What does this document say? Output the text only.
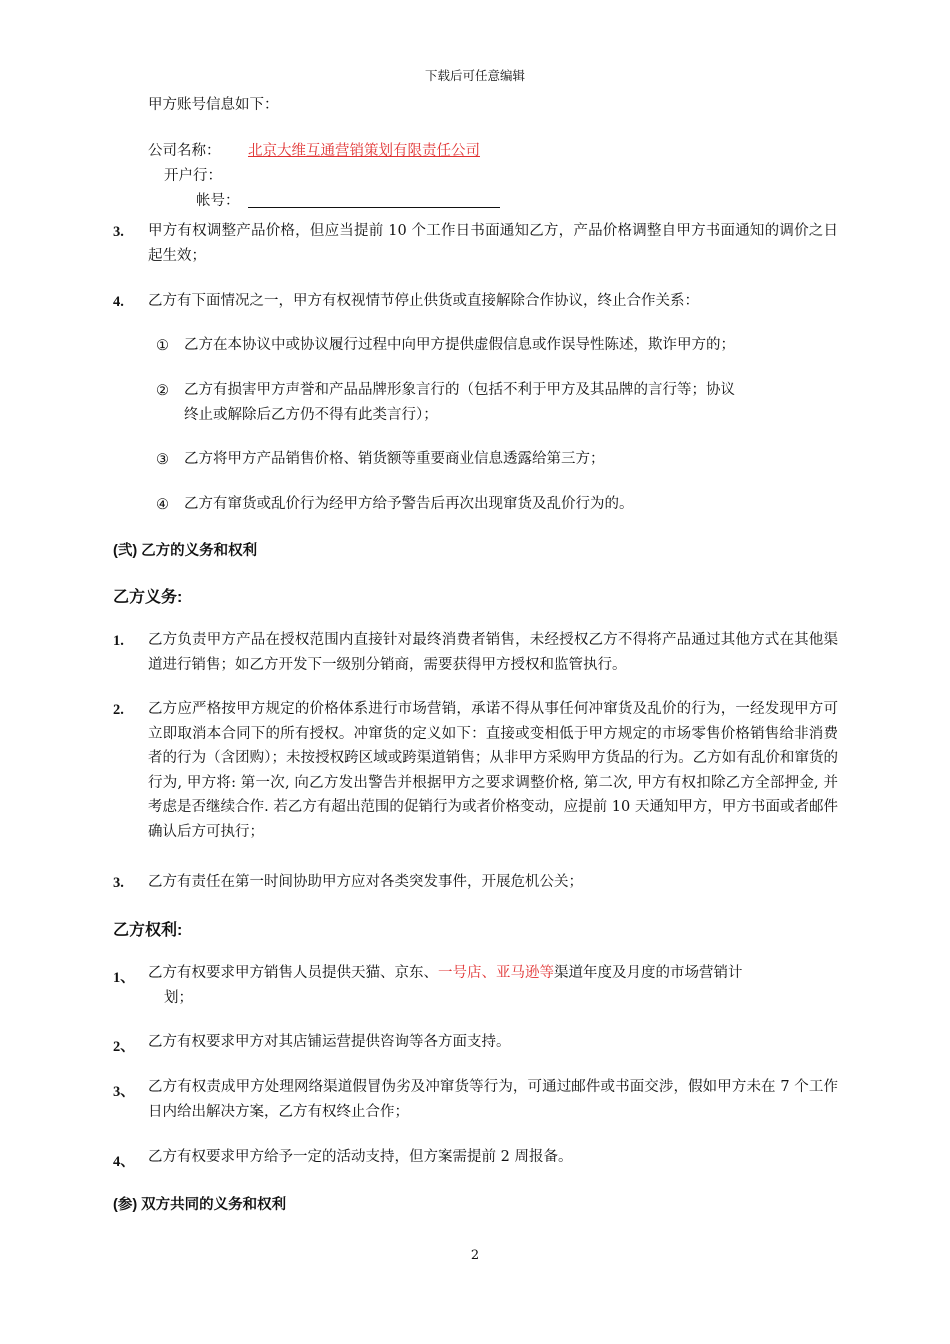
下载后可任意编辑
甲方账号信息如下：
公司名称： 北京大维互通营销策划有限责任公司
开户行：
帐号：
3. 甲方有权调整产品价格，但应当提前 10 个工作日书面通知乙方，产品价格调整自甲方书面通知的调价之日起生效；
4. 乙方有下面情况之一，甲方有权视情节停止供货或直接解除合作协议，终止合作关系：
① 乙方在本协议中或协议履行过程中向甲方提供虚假信息或作误导性陈述，欺诈甲方的；
② 乙方有损害甲方声誉和产品品牌形象言行的（包括不利于甲方及其品牌的言行等；协议
终止或解除后乙方仍不得有此类言行）；
③ 乙方将甲方产品销售价格、销货额等重要商业信息透露给第三方；
④ 乙方有窜货或乱价行为经甲方给予警告后再次出现窜货及乱价行为的。
(弐) 乙方的义务和权利
乙方义务:
1. 乙方负责甲方产品在授权范围内直接针对最终消费者销售，未经授权乙方不得将产品通过其他方式在其他渠道进行销售；如乙方开发下一级别分销商，需要获得甲方授权和监管执行。
2. 乙方应严格按甲方规定的价格体系进行市场营销，承诺不得从事任何冲窜货及乱价的行为，一经发现甲方可立即取消本合同下的所有授权。冲窜货的定义如下：直接或变相低于甲方规定的市场零售价格销售给非消费者的行为（含团购）；未按授权跨区域或跨渠道销售；从非甲方采购甲方货品的行为。乙方如有乱价和窜货的行为, 甲方将: 第一次, 向乙方发出警告并根据甲方之要求调整价格, 第二次, 甲方有权扣除乙方全部押金, 并考虑是否继续合作. 若乙方有超出范围的促销行为或者价格变动，应提前 10 天通知甲方，甲方书面或者邮件确认后方可执行；
3. 乙方有责任在第一时间协助甲方应对各类突发事件，开展危机公关；
乙方权利:
1、 乙方有权要求甲方销售人员提供天猫、京东、一号店、亚马逊等渠道年度及月度的市场营销计
划；
2、 乙方有权要求甲方对其店铺运营提供咨询等各方面支持。
3、 乙方有权责成甲方处理网络渠道假冒伪劣及冲窜货等行为，可通过邮件或书面交涉，假如甲方未在 7 个工作日内给出解决方案，乙方有权终止合作；
4、 乙方有权要求甲方给予一定的活动支持，但方案需提前 2 周报备。
(参) 双方共同的义务和权利
2
